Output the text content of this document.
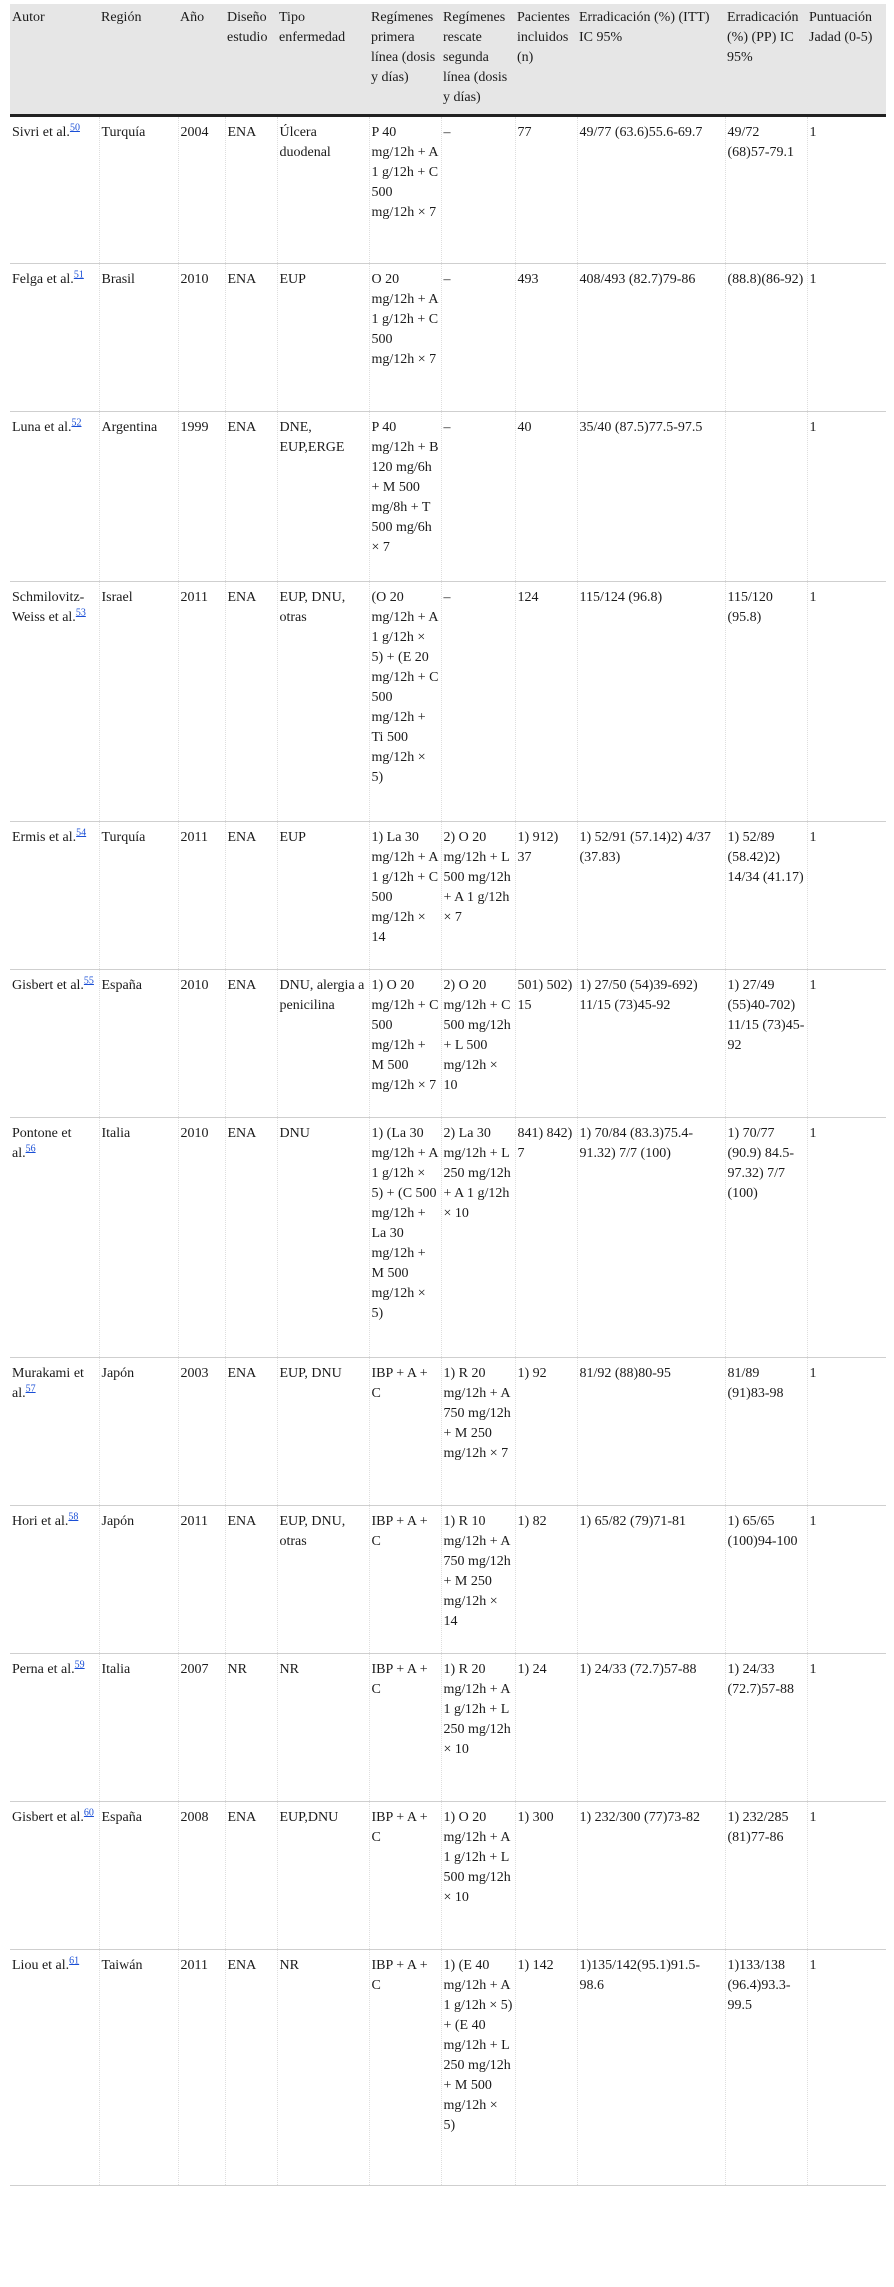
Autor	Región	Año	Diseño estudio	Tipo enfermedad	Regímenes primera línea (dosis y días)	Regímenes rescate segunda línea (dosis y días)	Pacientes incluidos (n)	Erradicación (%) (ITT) IC 95%	Erradicación (%) (PP) IC 95%	Puntuación Jadad (0-5)
Sivri et al.$^{50}$	Turquía	2004	ENA	Úlcera duodenal	P 40 mg/12h + A 1 g/12h + C 500 mg/12h × 7	–	77	49/77 (63.6)55.6-69.7	49/72 (68)57-79.1	1
Felga et al.$^{51}$	Brasil	2010	ENA	EUP	O 20 mg/12h + A 1 g/12h + C 500 mg/12h × 7	–	493	408/493 (82.7)79-86	(88.8)(86-92)	1
Luna et al.$^{52}$	Argentina	1999	ENA	DNE, EUP,ERGE	P 40 mg/12h + B 120 mg/6h + M 500 mg/8h + T 500 mg/6h × 7	–	40	35/40 (87.5)77.5-97.5		1
Schmilovitz-Weiss et al.$^{53}$	Israel	2011	ENA	EUP, DNU, otras	(O 20 mg/12h + A 1 g/12h × 5) + (E 20 mg/12h + C 500 mg/12h + Ti 500 mg/12h × 5)	–	124	115/124 (96.8)	115/120 (95.8)	1
Ermis et al.$^{54}$	Turquía	2011	ENA	EUP	1) La 30 mg/12h + A 1 g/12h + C 500 mg/12h × 14	2) O 20 mg/12h + L 500 mg/12h + A 1 g/12h × 7	1) 912) 37	1) 52/91 (57.14)2) 4/37 (37.83)	1) 52/89 (58.42)2) 14/34 (41.17)	1
Gisbert et al.$^{55}$	España	2010	ENA	DNU, alergia a penicilina	1) O 20 mg/12h + C 500 mg/12h + M 500 mg/12h × 7	2) O 20 mg/12h + C 500 mg/12h + L 500 mg/12h × 10	501) 502) 15	1) 27/50 (54)39-692) 11/15 (73)45-92	1) 27/49 (55)40-702) 11/15 (73)45-92	1
Pontone et al.$^{56}$	Italia	2010	ENA	DNU	1) (La 30 mg/12h + A 1 g/12h × 5) + (C 500 mg/12h + La 30 mg/12h + M 500 mg/12h × 5)	2) La 30 mg/12h + L 250 mg/12h + A 1 g/12h × 10	841) 842) 7	1) 70/84 (83.3)75.4-91.32) 7/7 (100)	1) 70/77 (90.9) 84.5-97.32) 7/7 (100)	1
Murakami et al.$^{57}$	Japón	2003	ENA	EUP, DNU	IBP + A + C	1) R 20 mg/12h + A 750 mg/12h + M 250 mg/12h × 7	1) 92	81/92 (88)80-95	81/89 (91)83-98	1
Hori et al.$^{58}$	Japón	2011	ENA	EUP, DNU, otras	IBP + A + C	1) R 10 mg/12h + A 750 mg/12h + M 250 mg/12h × 14	1) 82	1) 65/82 (79)71-81	1) 65/65 (100)94-100	1
Perna et al.$^{59}$	Italia	2007	NR	NR	IBP + A + C	1) R 20 mg/12h + A 1 g/12h + L 250 mg/12h × 10	1) 24	1) 24/33 (72.7)57-88	1) 24/33 (72.7)57-88	1
Gisbert et al.$^{60}$	España	2008	ENA	EUP,DNU	IBP + A + C	1) O 20 mg/12h + A 1 g/12h + L 500 mg/12h × 10	1) 300	1) 232/300 (77)73-82	1) 232/285 (81)77-86	1
Liou et al.$^{61}$	Taiwán	2011	ENA	NR	IBP + A + C	1) (E 40 mg/12h + A 1 g/12h × 5) + (E 40 mg/12h + L 250 mg/12h + M 500 mg/12h × 5)	1) 142	1)135/142(95.1)91.5-98.6	1)133/138 (96.4)93.3-99.5	1
